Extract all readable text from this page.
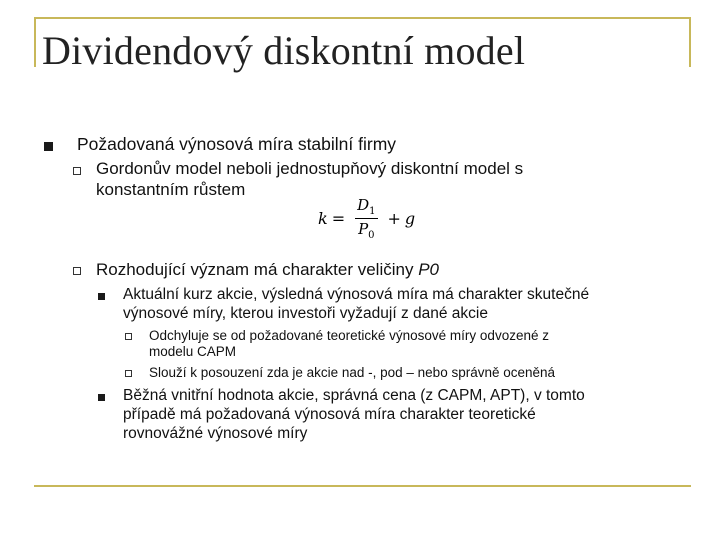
Dividendový diskontní model
Požadovaná výnosová míra stabilní firmy
Gordonův model neboli jednostupňový diskontní model s
konstantním růstem
$k = \frac{D_1}{P_0} + g$
Rozhodující význam má charakter veličiny P0
Aktuální kurz akcie, výsledná výnosová míra má charakter skutečné
výnosové míry, kterou investoři vyžadují z dané akcie
Odchyluje se od požadované teoretické výnosové míry odvozené z
modelu CAPM
Slouží k posouzení zda je akcie nad -, pod – nebo správně oceněná
Běžná vnitřní hodnota akcie, správná cena (z CAPM, APT), v tomto
případě má požadovaná výnosová míra charakter teoretické
rovnovážné výnosové míry
